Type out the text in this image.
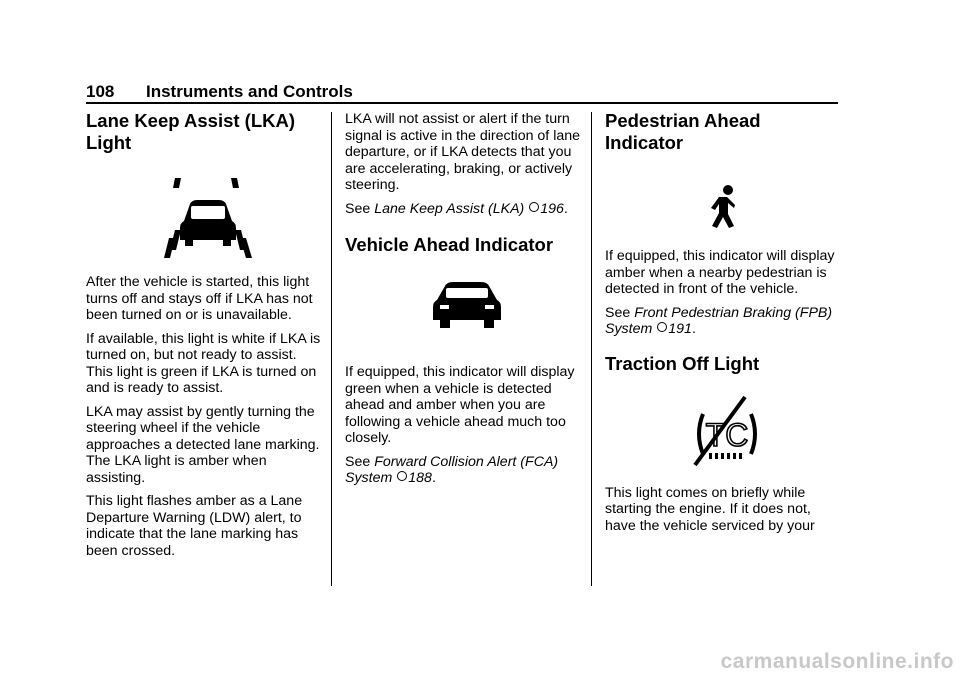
108 Instruments and Controls
Lane Keep Assist (LKA) Light

After the vehicle is started, this light turns off and stays off if LKA has not been turned on or is unavailable.

If available, this light is white if LKA is turned on, but not ready to assist. This light is green if LKA is turned on and is ready to assist.

LKA may assist by gently turning the steering wheel if the vehicle approaches a detected lane marking. The LKA light is amber when assisting.

This light flashes amber as a Lane Departure Warning (LDW) alert, to indicate that the lane marking has been crossed.

LKA will not assist or alert if the turn signal is active in the direction of lane departure, or if LKA detects that you are accelerating, braking, or actively steering.

See Lane Keep Assist (LKA) 196.

Vehicle Ahead Indicator

If equipped, this indicator will display green when a vehicle is detected ahead and amber when you are following a vehicle ahead much too closely.

See Forward Collision Alert (FCA) System 188.

Pedestrian Ahead Indicator

If equipped, this indicator will display amber when a nearby pedestrian is detected in front of the vehicle.

See Front Pedestrian Braking (FPB) System 191.

Traction Off Light
TC

This light comes on briefly while starting the engine. If it does not, have the vehicle serviced by your

carmanualsonline.info
